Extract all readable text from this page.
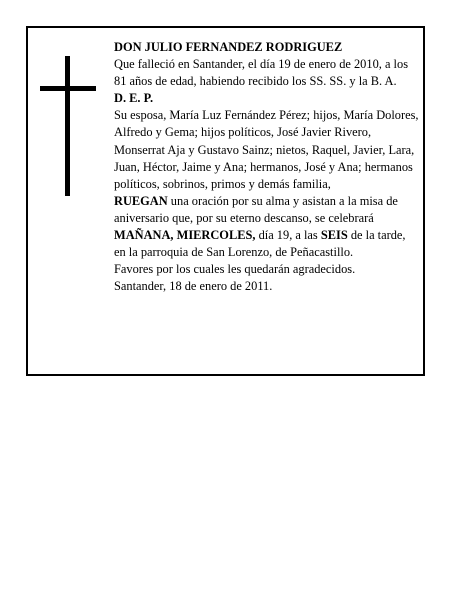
DON JULIO FERNANDEZ RODRIGUEZ

Que falleció en Santander, el día 19 de enero de 2010, a los 81 años de edad, habiendo recibido los SS. SS. y la B. A.

D. E. P.

Su esposa, María Luz Fernández Pérez; hijos, María Dolores, Alfredo y Gema; hijos políticos, José Javier Rivero, Monserrat Aja y Gustavo Sainz; nietos, Raquel, Javier, Lara, Juan, Héctor, Jaime y Ana; hermanos, José y Ana; hermanos políticos, sobrinos, primos y demás familia,

RUEGAN una oración por su alma y asistan a la misa de aniversario que, por su eterno descanso, se celebrará MAÑANA, MIERCOLES, día 19, a las SEIS de la tarde, en la parroquia de San Lorenzo, de Peñacastillo.

Favores por los cuales les quedarán agradecidos.

Santander, 18 de enero de 2011.
